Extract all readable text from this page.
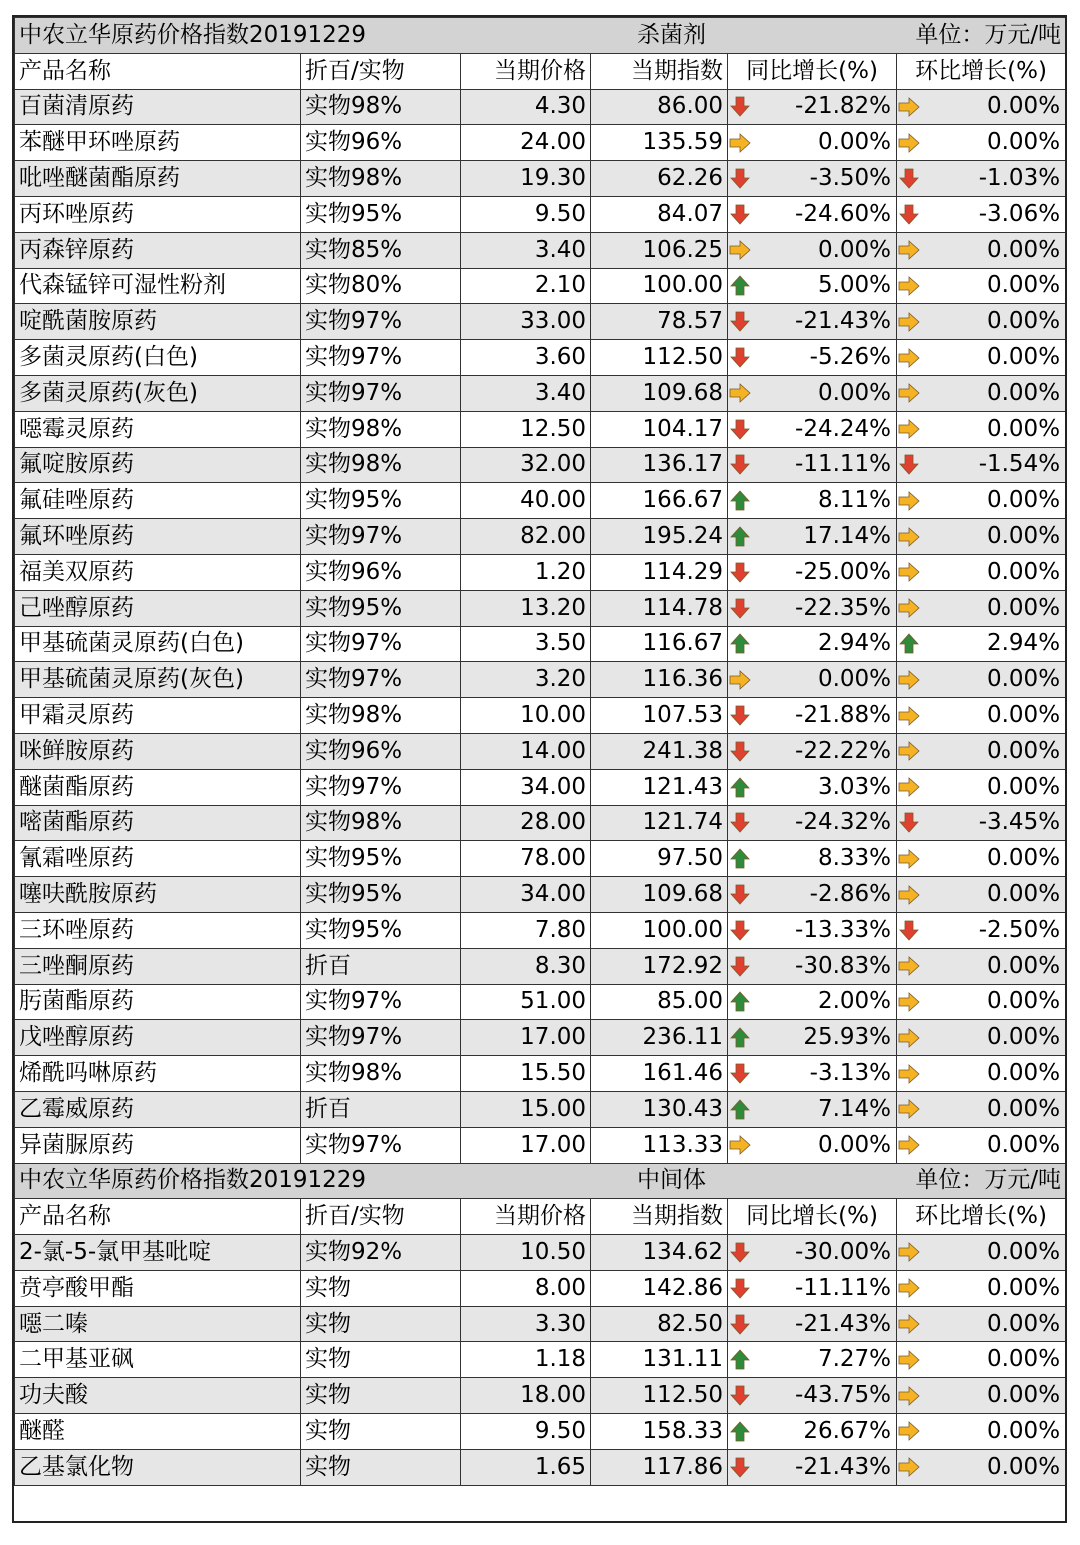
中农立华原药价格指数20191229			杀菌剂		单位：万元/吨		
产品名称	折百/实物	当期价格	当期指数	同比增长(%)		环比增长(%)	
百菌清原药	实物98%	4.30	86.00		-21.82%		0.00%
苯醚甲环唑原药	实物96%	24.00	135.59		0.00%		0.00%
吡唑醚菌酯原药	实物98%	19.30	62.26		-3.50%		-1.03%
丙环唑原药	实物95%	9.50	84.07		-24.60%		-3.06%
丙森锌原药	实物85%	3.40	106.25		0.00%		0.00%
代森锰锌可湿性粉剂	实物80%	2.10	100.00		5.00%		0.00%
啶酰菌胺原药	实物97%	33.00	78.57		-21.43%		0.00%
多菌灵原药(白色)	实物97%	3.60	112.50		-5.26%		0.00%
多菌灵原药(灰色)	实物97%	3.40	109.68		0.00%		0.00%
噁霉灵原药	实物98%	12.50	104.17		-24.24%		0.00%
氟啶胺原药	实物98%	32.00	136.17		-11.11%		-1.54%
氟硅唑原药	实物95%	40.00	166.67		8.11%		0.00%
氟环唑原药	实物97%	82.00	195.24		17.14%		0.00%
福美双原药	实物96%	1.20	114.29		-25.00%		0.00%
己唑醇原药	实物95%	13.20	114.78		-22.35%		0.00%
甲基硫菌灵原药(白色)	实物97%	3.50	116.67		2.94%		2.94%
甲基硫菌灵原药(灰色)	实物97%	3.20	116.36		0.00%		0.00%
甲霜灵原药	实物98%	10.00	107.53		-21.88%		0.00%
咪鲜胺原药	实物96%	14.00	241.38		-22.22%		0.00%
醚菌酯原药	实物97%	34.00	121.43		3.03%		0.00%
嘧菌酯原药	实物98%	28.00	121.74		-24.32%		-3.45%
氰霜唑原药	实物95%	78.00	97.50		8.33%		0.00%
噻呋酰胺原药	实物95%	34.00	109.68		-2.86%		0.00%
三环唑原药	实物95%	7.80	100.00		-13.33%		-2.50%
三唑酮原药	折百	8.30	172.92		-30.83%		0.00%
肟菌酯原药	实物97%	51.00	85.00		2.00%		0.00%
戊唑醇原药	实物97%	17.00	236.11		25.93%		0.00%
烯酰吗啉原药	实物98%	15.50	161.46		-3.13%		0.00%
乙霉威原药	折百	15.00	130.43		7.14%		0.00%
异菌脲原药	实物97%	17.00	113.33		0.00%		0.00%
中农立华原药价格指数20191229			中间体		单位：万元/吨		
产品名称	折百/实物	当期价格	当期指数	同比增长(%)		环比增长(%)	
2-氯-5-氯甲基吡啶	实物92%	10.50	134.62		-30.00%		0.00%
贲亭酸甲酯	实物	8.00	142.86		-11.11%		0.00%
噁二嗪	实物	3.30	82.50		-21.43%		0.00%
二甲基亚砜	实物	1.18	131.11		7.27%		0.00%
功夫酸	实物	18.00	112.50		-43.75%		0.00%
醚醛	实物	9.50	158.33		26.67%		0.00%
乙基氯化物	实物	1.65	117.86		-21.43%		0.00%
